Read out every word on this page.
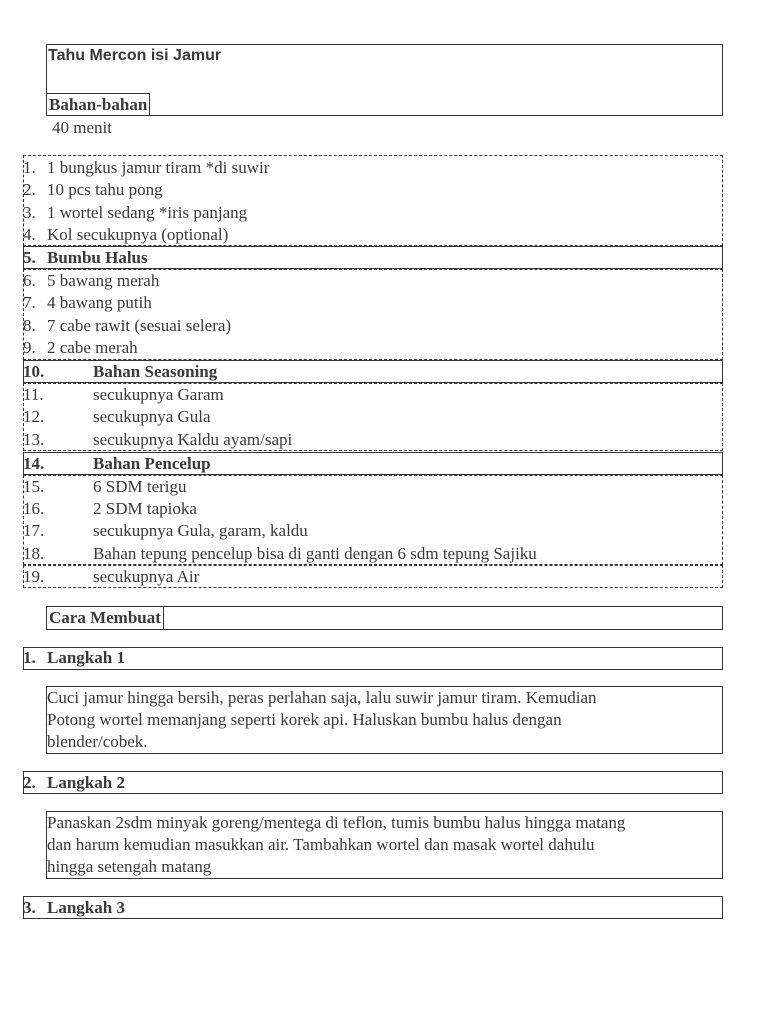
Tahu Mercon isi Jamur
Bahan-bahan
40 menit
1. 1 bungkus jamur tiram *di suwir
2. 10 pcs tahu pong
3. 1 wortel sedang *iris panjang
4. Kol secukupnya (optional)
5. Bumbu Halus
6. 5 bawang merah
7. 4 bawang putih
8. 7 cabe rawit (sesuai selera)
9. 2 cabe merah
10.	Bahan Seasoning
11.	secukupnya Garam
12.	secukupnya Gula
13.	secukupnya Kaldu ayam/sapi
14.	Bahan Pencelup
15.	6 SDM terigu
16.	2 SDM tapioka
17.	secukupnya Gula, garam, kaldu
18.	Bahan tepung pencelup bisa di ganti dengan 6 sdm tepung Sajiku
19.	secukupnya Air
Cara Membuat
1. Langkah 1
Cuci jamur hingga bersih, peras perlahan saja, lalu suwir jamur tiram. Kemudian
Potong wortel memanjang seperti korek api. Haluskan bumbu halus dengan
blender/cobek.
2. Langkah 2
Panaskan 2sdm minyak goreng/mentega di teflon, tumis bumbu halus hingga matang
dan harum kemudian masukkan air. Tambahkan wortel dan masak wortel dahulu
hingga setengah matang
3. Langkah 3
